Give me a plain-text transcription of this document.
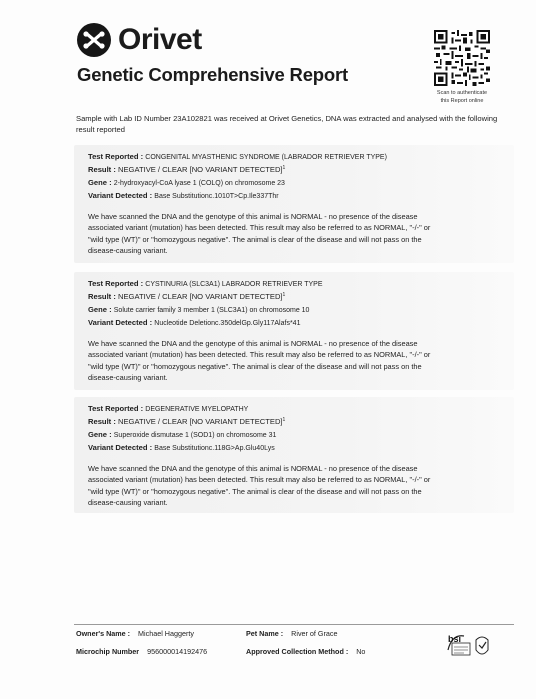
Orivet
Genetic Comprehensive Report
Scan to authenticate
this Report online
Sample with Lab ID Number 23A102821 was received at Orivet Genetics, DNA was extracted and analysed with the following result reported
Test Reported : CONGENITAL MYASTHENIC SYNDROME (LABRADOR RETRIEVER TYPE)
Result : NEGATIVE / CLEAR [NO VARIANT DETECTED]$^1$
Gene : 2-hydroxyacyl-CoA lyase 1 (COLQ) on chromosome 23
Variant Detected : Base Substitutionc.1010T>Cp.Ile337Thr
We have scanned the DNA and the genotype of this animal is NORMAL - no presence of the disease
associated variant (mutation) has been detected. This result may also be referred to as NORMAL, "-/-" or
"wild type (WT)" or "homozygous negative". The animal is clear of the disease and will not pass on the
disease-causing variant.
Test Reported : CYSTINURIA (SLC3A1) LABRADOR RETRIEVER TYPE
Result : NEGATIVE / CLEAR [NO VARIANT DETECTED]$^1$
Gene : Solute carrier family 3 member 1 (SLC3A1) on chromosome 10
Variant Detected : Nucleotide Deletionc.350delGp.Gly117Alafs*41
We have scanned the DNA and the genotype of this animal is NORMAL - no presence of the disease
associated variant (mutation) has been detected. This result may also be referred to as NORMAL, "-/-" or
"wild type (WT)" or "homozygous negative". The animal is clear of the disease and will not pass on the
disease-causing variant.
Test Reported : DEGENERATIVE MYELOPATHY
Result : NEGATIVE / CLEAR [NO VARIANT DETECTED]$^1$
Gene : Superoxide dismutase 1 (SOD1) on chromosome 31
Variant Detected : Base Substitutionc.118G>Ap.Glu40Lys
We have scanned the DNA and the genotype of this animal is NORMAL - no presence of the disease
associated variant (mutation) has been detected. This result may also be referred to as NORMAL, "-/-" or
"wild type (WT)" or "homozygous negative". The animal is clear of the disease and will not pass on the
disease-causing variant.
Owner's Name : Michael Haggerty	Pet Name : River of Grace
Microchip Number 956000014192476	Approved Collection Method : No
bsi
